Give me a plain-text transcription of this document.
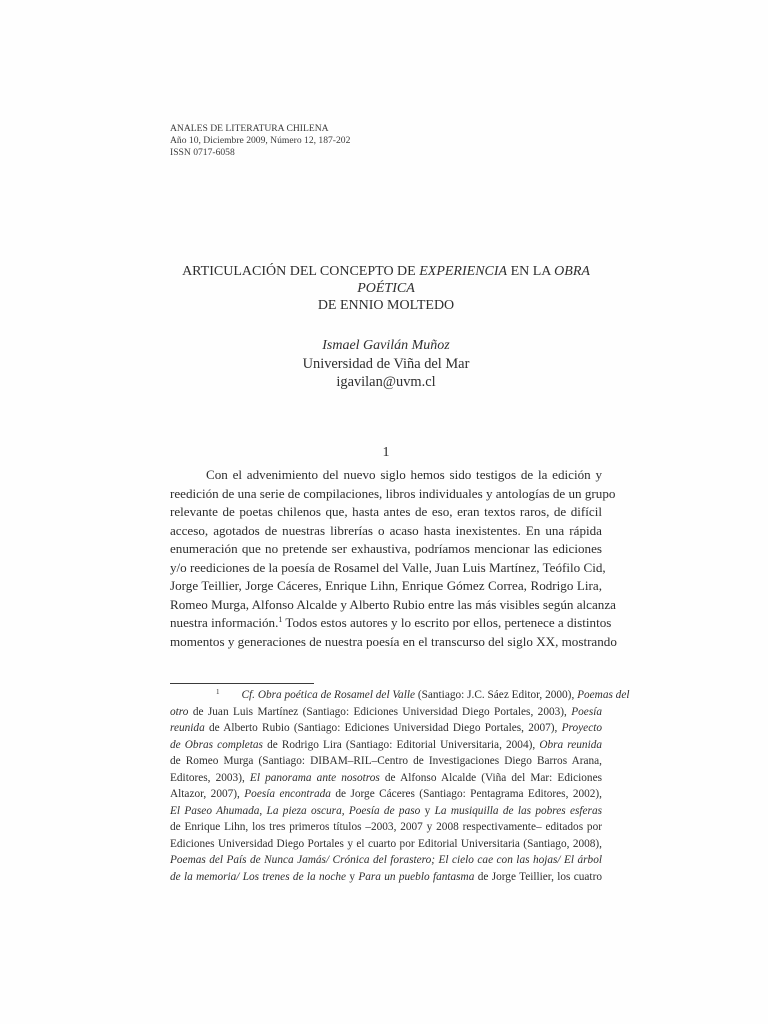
ANALES DE LITERATURA CHILENA
Año 10, Diciembre 2009, Número 12, 187-202
ISSN 0717-6058
ARTICULACIÓN DEL CONCEPTO DE EXPERIENCIA EN LA OBRA
POÉTICA
DE ENNIO MOLTEDO
Ismael Gavilán Muñoz
Universidad de Viña del Mar
igavilan@uvm.cl
1
Con el advenimiento del nuevo siglo hemos sido testigos de la edición y
reedición de una serie de compilaciones, libros individuales y antologías de un grupo
relevante de poetas chilenos que, hasta antes de eso, eran textos raros, de difícil
acceso, agotados de nuestras librerías o acaso hasta inexistentes. En una rápida
enumeración que no pretende ser exhaustiva, podríamos mencionar las ediciones
y/o reediciones de la poesía de Rosamel del Valle, Juan Luis Martínez, Teófilo Cid,
Jorge Teillier, Jorge Cáceres, Enrique Lihn, Enrique Gómez Correa, Rodrigo Lira,
Romeo Murga, Alfonso Alcalde y Alberto Rubio entre las más visibles según alcanza
nuestra información.$^1$ Todos estos autores y lo escrito por ellos, pertenece a distintos
momentos y generaciones de nuestra poesía en el transcurso del siglo XX, mostrando
$^1$ Cf. Obra poética de Rosamel del Valle (Santiago: J.C. Sáez Editor, 2000), Poemas del
otro de Juan Luis Martínez (Santiago: Ediciones Universidad Diego Portales, 2003), Poesía
reunida de Alberto Rubio (Santiago: Ediciones Universidad Diego Portales, 2007), Proyecto
de Obras completas de Rodrigo Lira (Santiago: Editorial Universitaria, 2004), Obra reunida
de Romeo Murga (Santiago: DIBAM–RIL–Centro de Investigaciones Diego Barros Arana,
Editores, 2003), El panorama ante nosotros de Alfonso Alcalde (Viña del Mar: Ediciones
Altazor, 2007), Poesía encontrada de Jorge Cáceres (Santiago: Pentagrama Editores, 2002),
El Paseo Ahumada, La pieza oscura, Poesía de paso y La musiquilla de las pobres esferas
de Enrique Lihn, los tres primeros títulos –2003, 2007 y 2008 respectivamente– editados por
Ediciones Universidad Diego Portales y el cuarto por Editorial Universitaria (Santiago, 2008),
Poemas del País de Nunca Jamás/ Crónica del forastero; El cielo cae con las hojas/ El árbol
de la memoria/ Los trenes de la noche y Para un pueblo fantasma de Jorge Teillier, los cuatro
